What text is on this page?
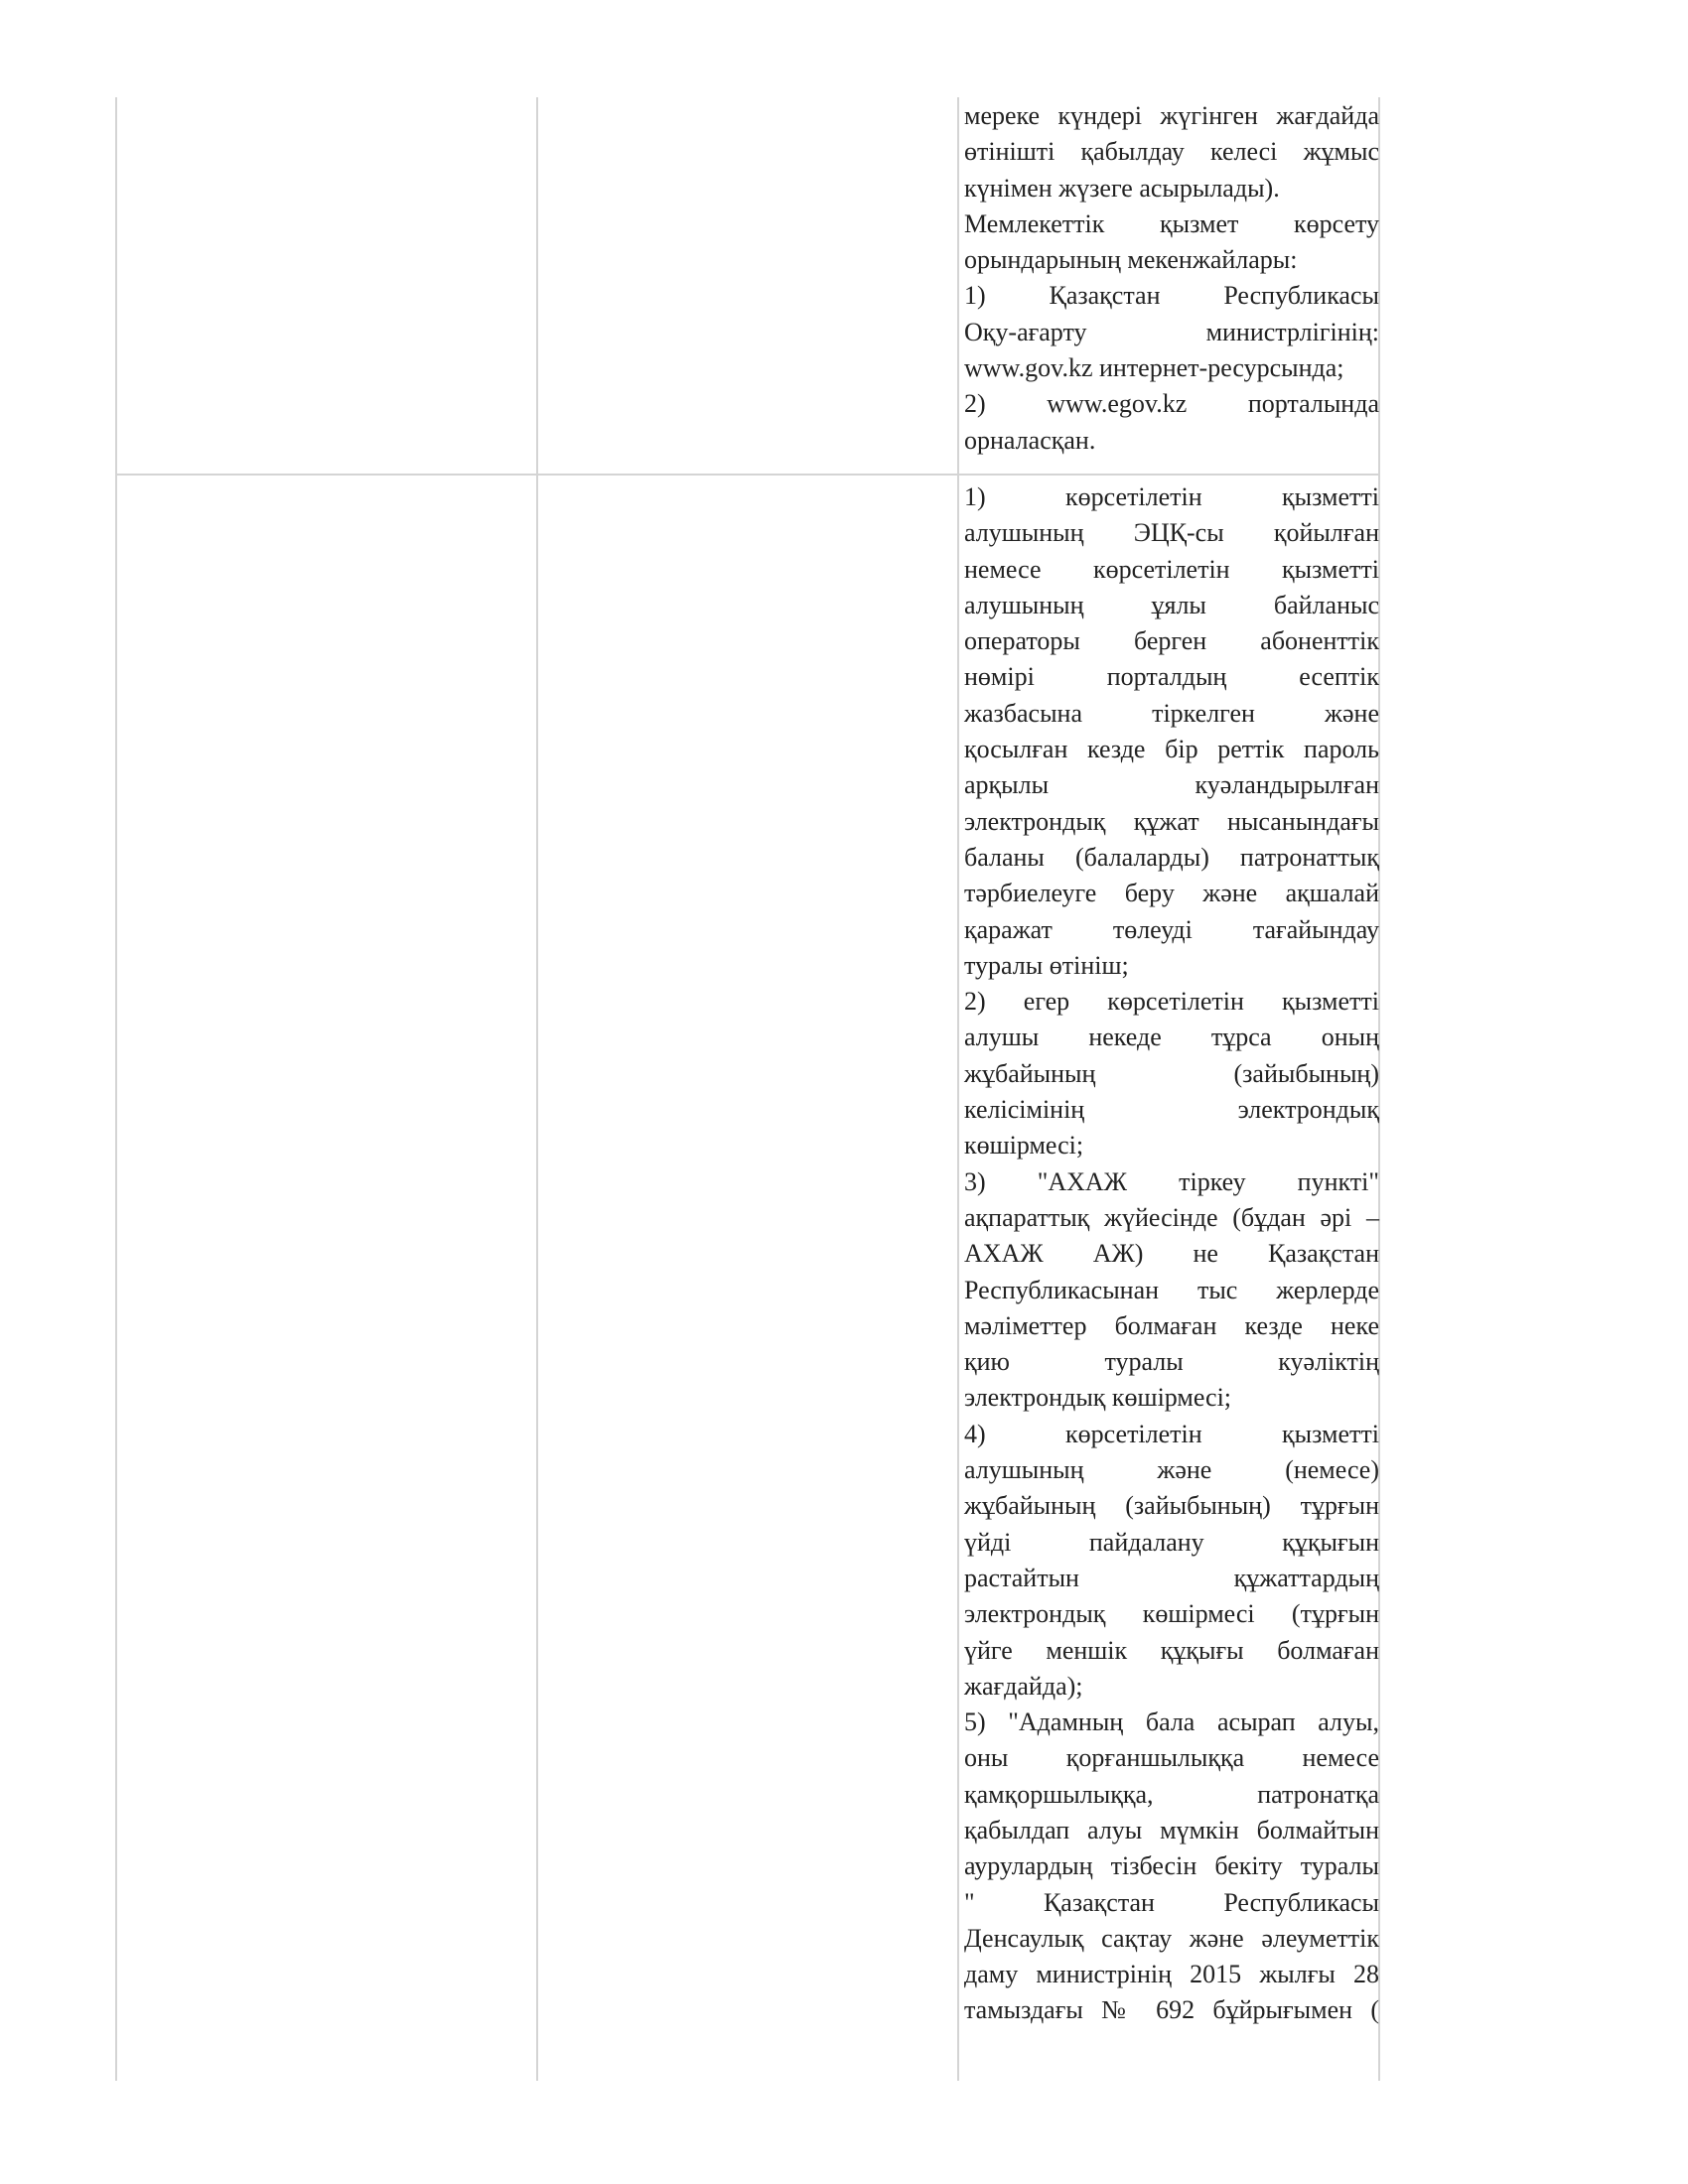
мереке күндері жүгінген жағдайда
өтінішті қабылдау келесі жұмыс
күнімен жүзеге асырылады).
Мемлекеттік қызмет көрсету
орындарының мекенжайлары:
1) Қазақстан Республикасы
Оқу-ағарту министрлігінің:
www.gov.kz интернет-ресурсында;
2) www.egov.kz порталында
орналасқан.
1) көрсетілетін қызметті
алушының ЭЦҚ-сы қойылған
немесе көрсетілетін қызметті
алушының ұялы байланыс
операторы берген абоненттік
нөмірі порталдың есептік
жазбасына тіркелген және
қосылған кезде бір реттік пароль
арқылы куәландырылған
электрондық құжат нысанындағы
баланы (балаларды) патронаттық
тәрбиелеуге беру және ақшалай
қаражат төлеуді тағайындау
туралы өтініш;
2) егер көрсетілетін қызметті
алушы некеде тұрса оның
жұбайының (зайыбының)
келісімінің электрондық
көшірмесі;
3) "АХАЖ тіркеу пункті"
ақпараттық жүйесінде (бұдан әрі –
АХАЖ АЖ) не Қазақстан
Республикасынан тыс жерлерде
мәліметтер болмаған кезде неке
қию туралы куәліктің
электрондық көшірмесі;
4) көрсетілетін қызметті
алушының және (немесе)
жұбайының (зайыбының) тұрғын
үйді пайдалану құқығын
растайтын құжаттардың
электрондық көшірмесі (тұрғын
үйге меншік құқығы болмаған
жағдайда);
5) "Адамның бала асырап алуы,
оны қорғаншылыққа немесе
қамқоршылыққа, патронатқа
қабылдап алуы мүмкін болмайтын
аурулардың тізбесін бекіту туралы
" Қазақстан Республикасы
Денсаулық сақтау және әлеуметтік
даму министрінің 2015 жылғы 28
тамыздағы № 692 бұйрығымен (
